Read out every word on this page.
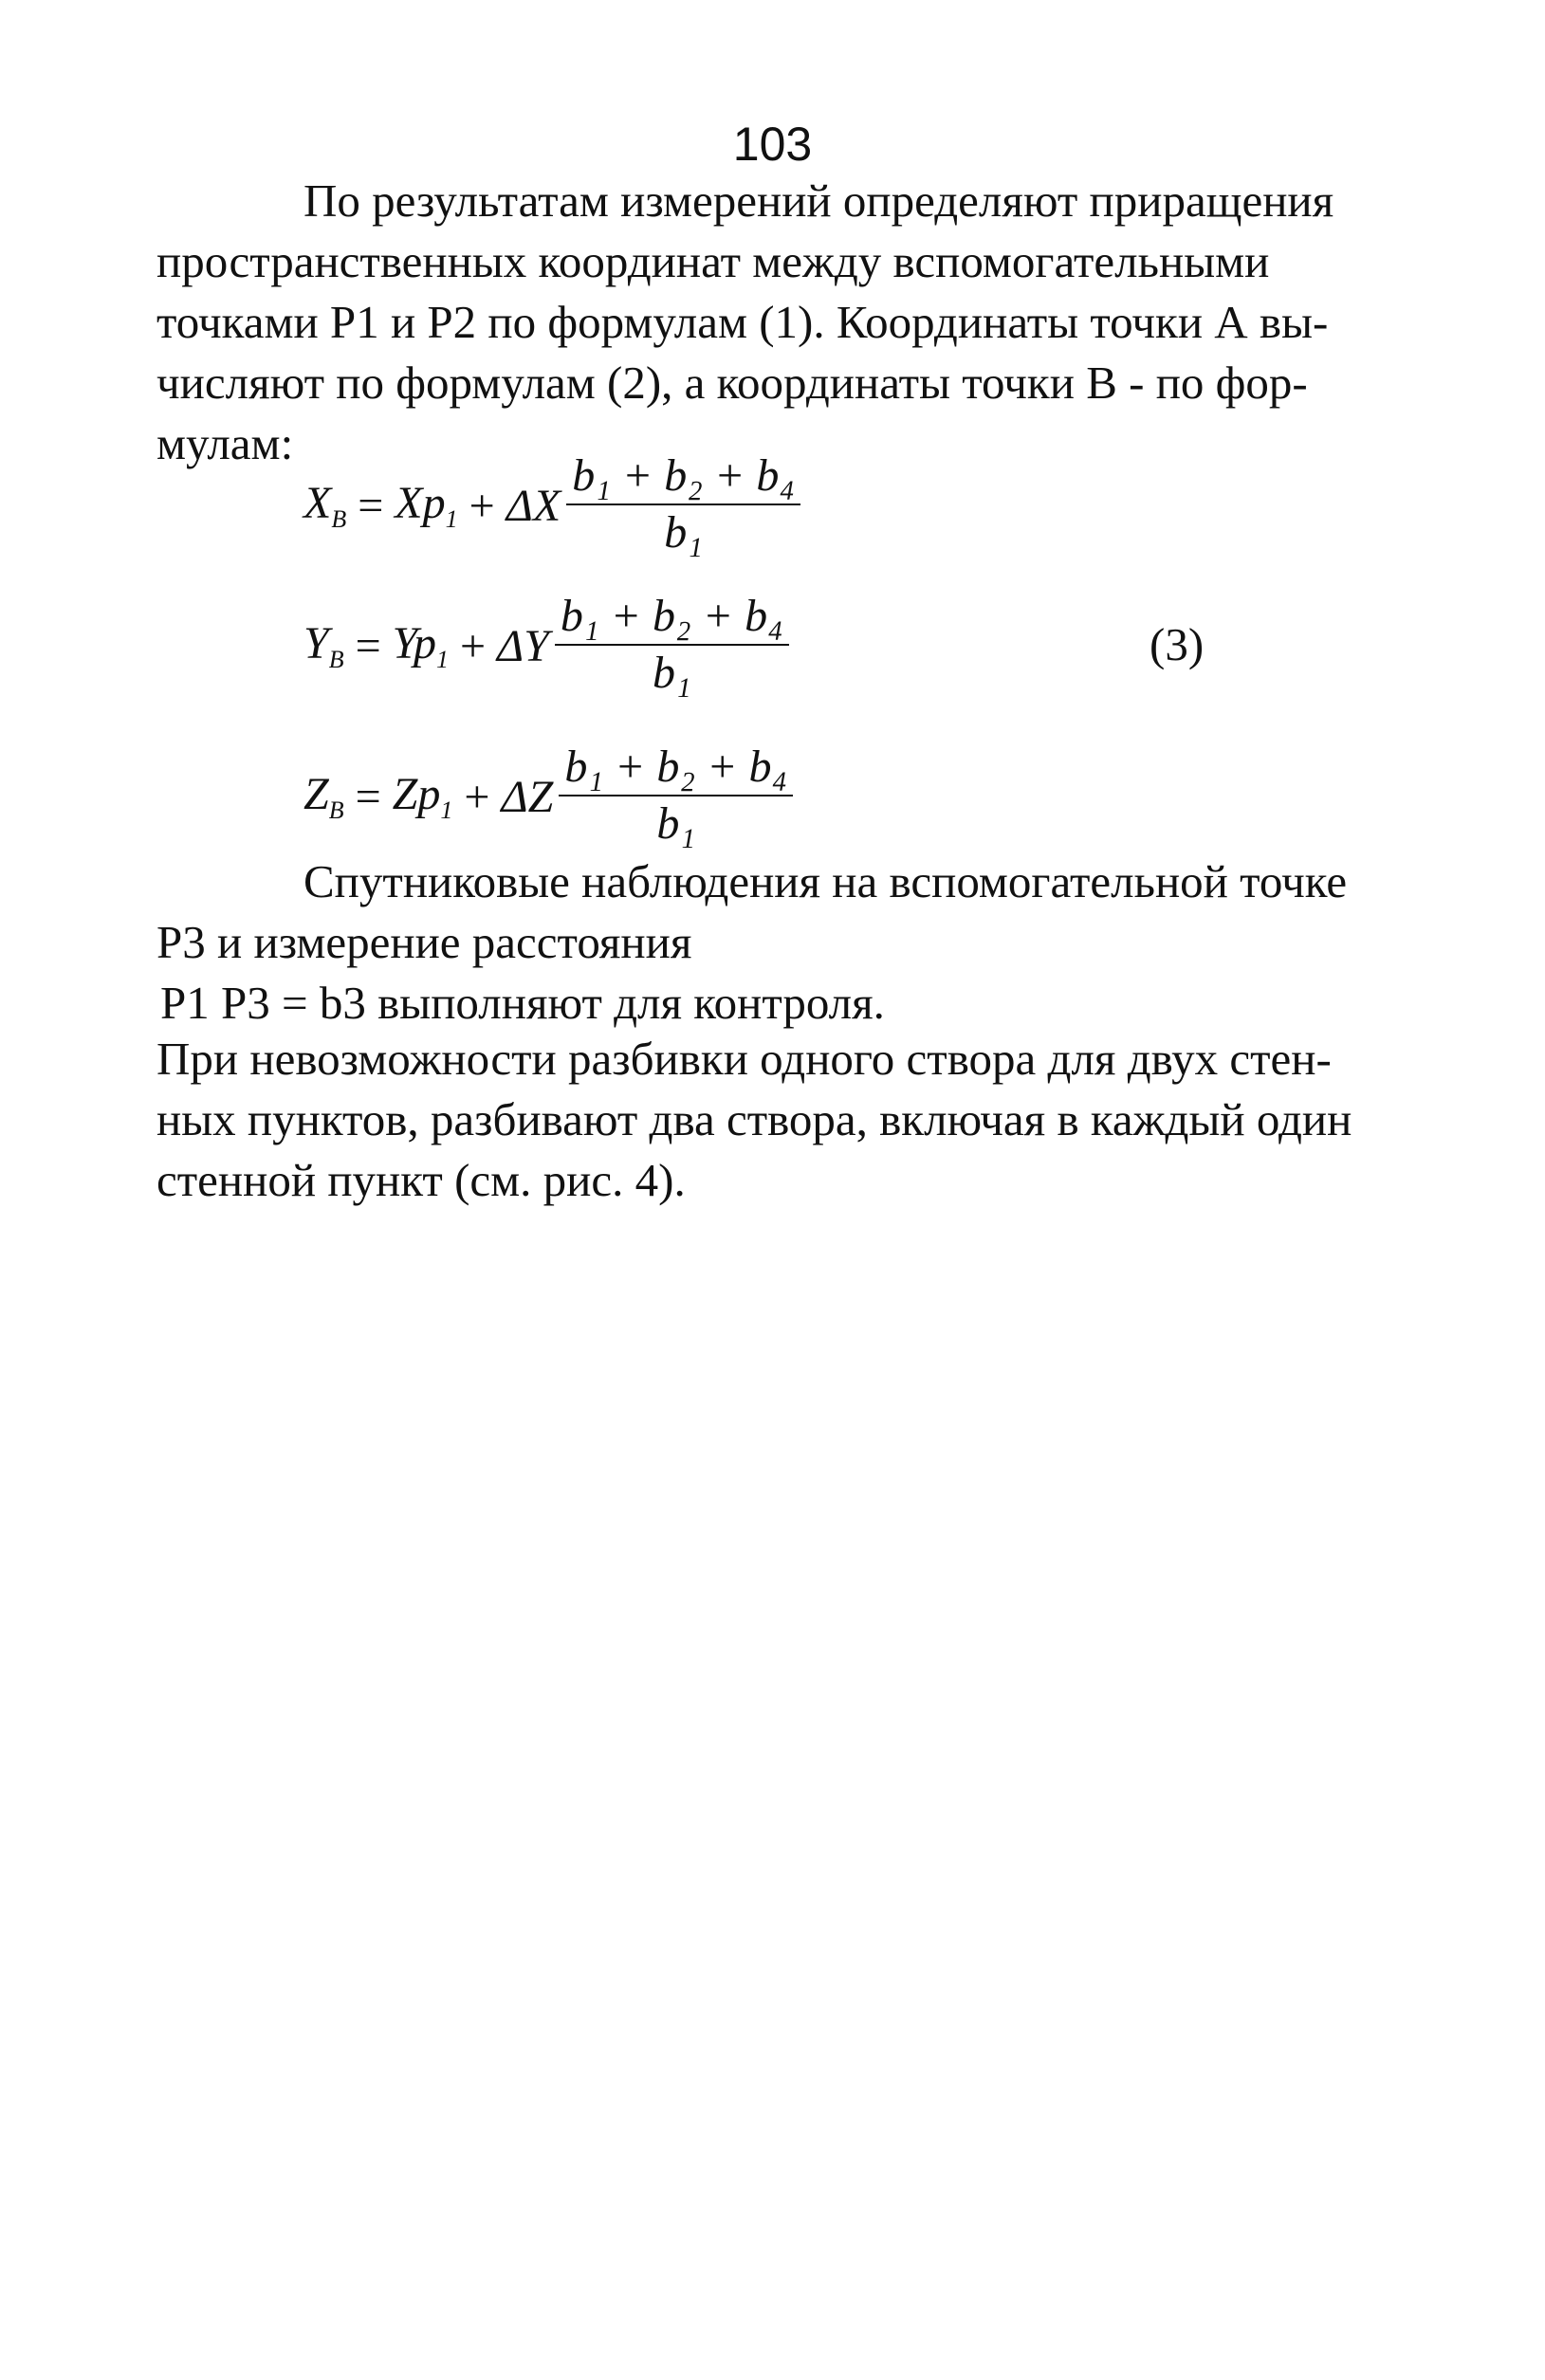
103

По результатам измерений определяют приращения

пространственных координат между вспомогательными

точками P1 и P2 по формулам (1). Координаты точки А вы-

числяют по формулам (2), а координаты точки В - по фор-

мулам:

$X_B = Xp_1 + \Delta X \frac{\text{b₁ + b₂ + b₄}}{\text{b₁}}$
$Y_B = Yp_1 + \Delta Y \frac{\text{b₁ + b₂ + b₄}}{\text{b₁}}$	(3)
$Z_B = Zp_1 + \Delta Z \frac{\text{b₁ + b₂ + b₄}}{\text{b₁}}$

Спутниковые наблюдения на вспомогательной точке

P3 и измерение расстояния

P1 P3 = b3 выполняют для контроля.

При невозможности разбивки одного створа для двух стен-

ных пунктов, разбивают два створа, включая в каждый один

стенной пункт (см. рис. 4).
